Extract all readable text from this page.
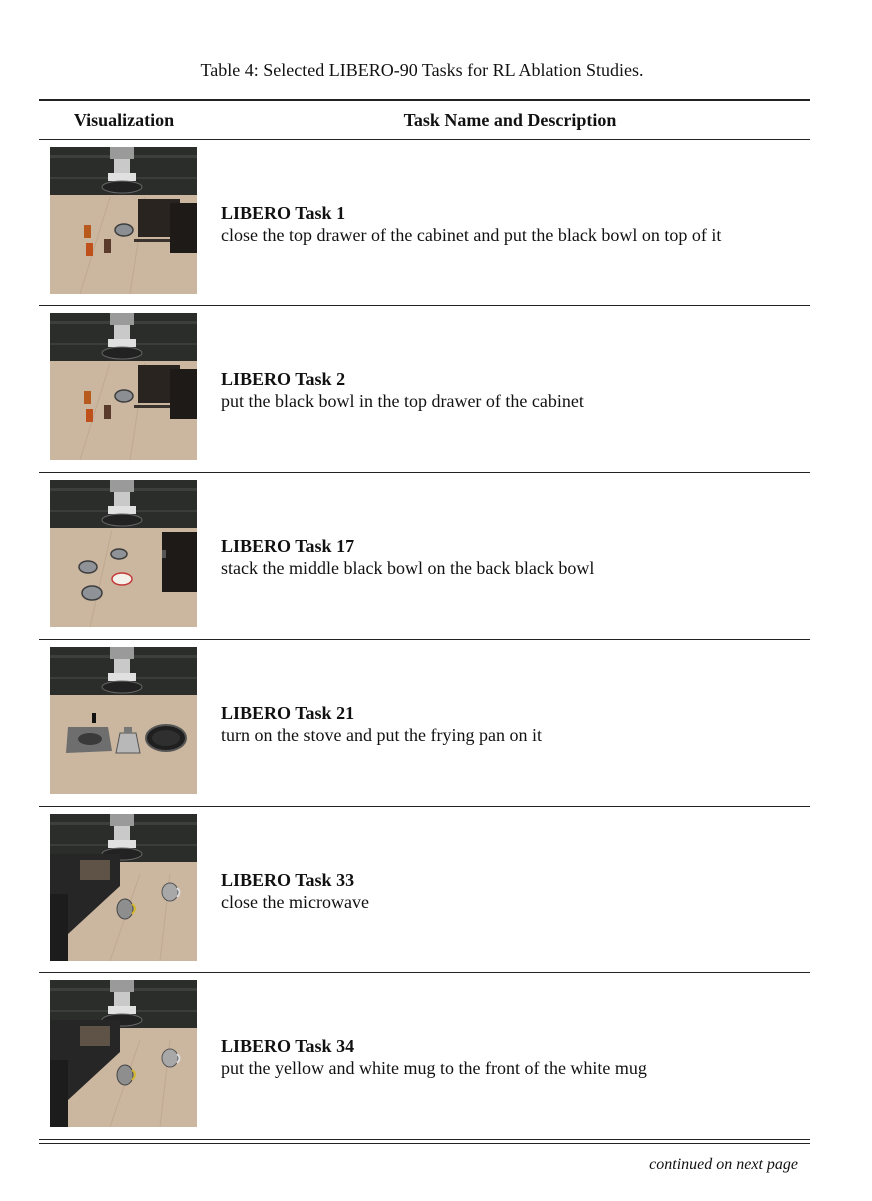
Table 4: Selected LIBERO-90 Tasks for RL Ablation Studies.
Visualization	Task Name and Description
LIBERO Task 1
close the top drawer of the cabinet and put the black bowl on top of it
LIBERO Task 2
put the black bowl in the top drawer of the cabinet
LIBERO Task 17
stack the middle black bowl on the back black bowl
LIBERO Task 21
turn on the stove and put the frying pan on it
LIBERO Task 33
close the microwave
LIBERO Task 34
put the yellow and white mug to the front of the white mug
continued on next page
